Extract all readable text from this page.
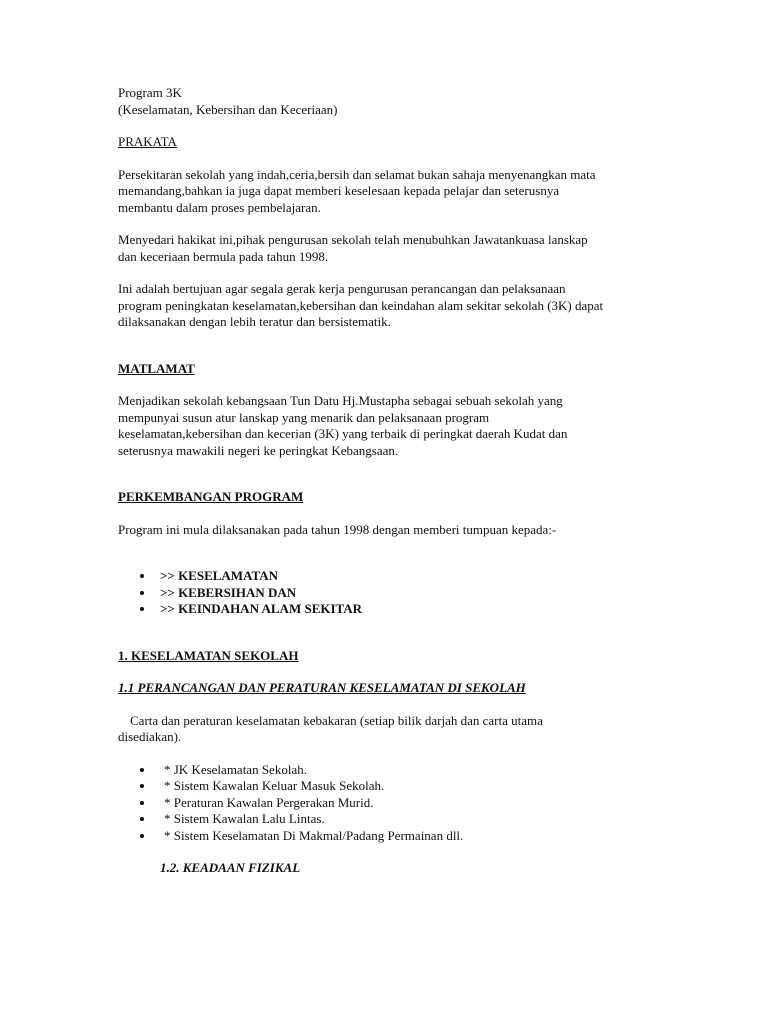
Program 3K
(Keselamatan, Kebersihan dan Keceriaan)
PRAKATA
Persekitaran sekolah yang indah,ceria,bersih dan selamat bukan sahaja menyenangkan mata
memandang,bahkan ia juga dapat memberi keselesaan kepada pelajar dan seterusnya
membantu dalam proses pembelajaran.
Menyedari hakikat ini,pihak pengurusan sekolah telah menubuhkan Jawatankuasa lanskap
dan keceriaan bermula pada tahun 1998.
Ini adalah bertujuan agar segala gerak kerja pengurusan perancangan dan pelaksanaan
program peningkatan keselamatan,kebersihan dan keindahan alam sekitar sekolah (3K) dapat
dilaksanakan dengan lebih teratur dan bersistematik.
MATLAMAT
Menjadikan sekolah kebangsaan Tun Datu Hj.Mustapha sebagai sebuah sekolah yang
mempunyai susun atur lanskap yang menarik dan pelaksanaan program
keselamatan,kebersihan dan kecerian (3K) yang terbaik di peringkat daerah Kudat dan
seterusnya mawakili negeri ke peringkat Kebangsaan.
PERKEMBANGAN PROGRAM
Program ini mula dilaksanakan pada tahun 1998 dengan memberi tumpuan kepada:-
>> KESELAMATAN
>> KEBERSIHAN DAN
>> KEINDAHAN ALAM SEKITAR
1. KESELAMATAN SEKOLAH
1.1 PERANCANGAN DAN PERATURAN KESELAMATAN DI SEKOLAH
Carta dan peraturan keselamatan kebakaran (setiap bilik darjah dan carta utama
disediakan).
* JK Keselamatan Sekolah.
* Sistem Kawalan Keluar Masuk Sekolah.
* Peraturan Kawalan Pergerakan Murid.
* Sistem Kawalan Lalu Lintas.
* Sistem Keselamatan Di Makmal/Padang Permainan dll.
1.2. KEADAAN FIZIKAL
